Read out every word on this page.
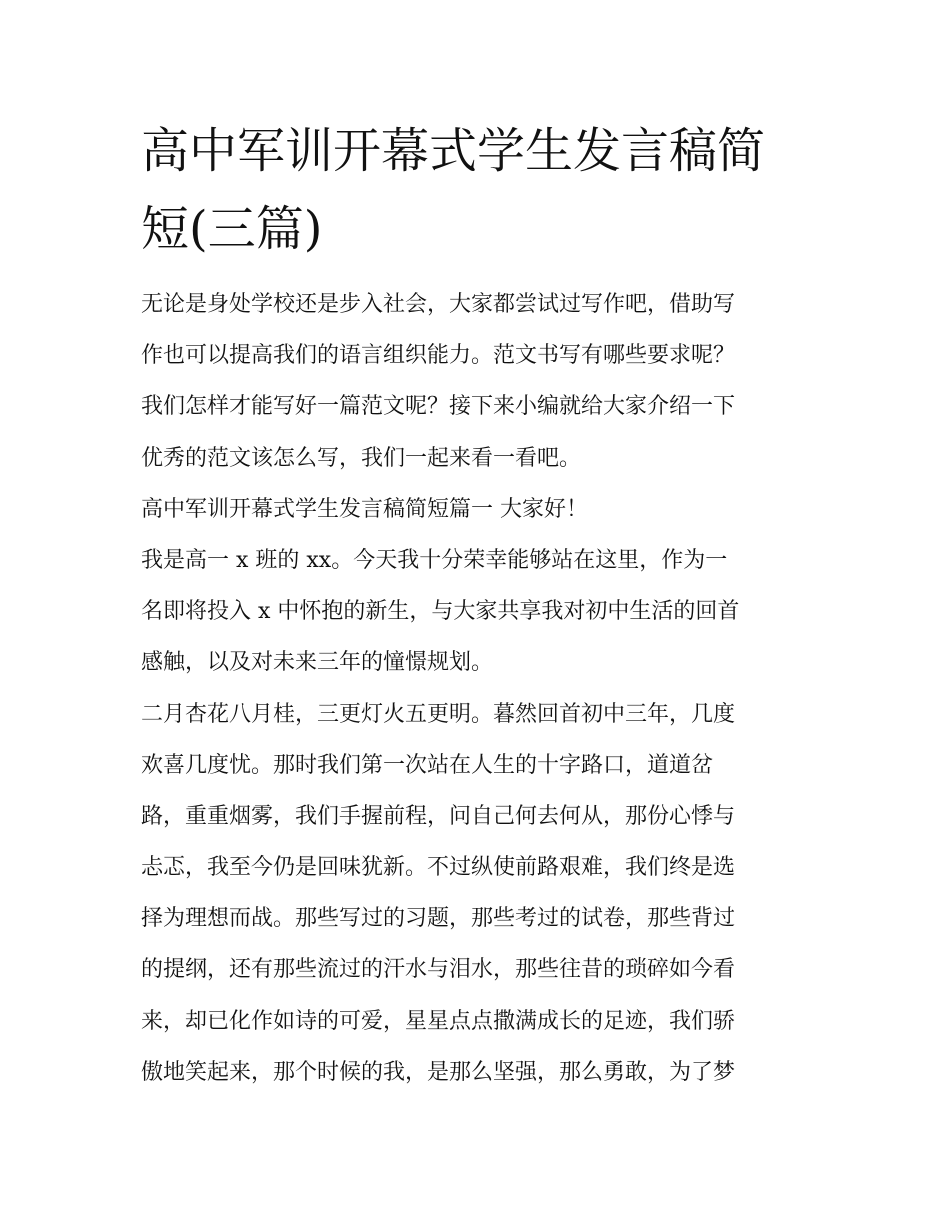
高中军训开幕式学生发言稿简
短(三篇)
无论是身处学校还是步入社会，大家都尝试过写作吧，借助写
作也可以提高我们的语言组织能力。范文书写有哪些要求呢？
我们怎样才能写好一篇范文呢？接下来小编就给大家介绍一下
优秀的范文该怎么写，我们一起来看一看吧。
高中军训开幕式学生发言稿简短篇一 大家好！
我是高一 x 班的 xx。今天我十分荣幸能够站在这里，作为一
名即将投入 x 中怀抱的新生，与大家共享我对初中生活的回首
感触，以及对未来三年的憧憬规划。
二月杏花八月桂，三更灯火五更明。暮然回首初中三年，几度
欢喜几度忧。那时我们第一次站在人生的十字路口，道道岔
路，重重烟雾，我们手握前程，问自己何去何从，那份心悸与
忐忑，我至今仍是回味犹新。不过纵使前路艰难，我们终是选
择为理想而战。那些写过的习题，那些考过的试卷，那些背过
的提纲，还有那些流过的汗水与泪水，那些往昔的琐碎如今看
来，却已化作如诗的可爱，星星点点撒满成长的足迹，我们骄
傲地笑起来，那个时候的我，是那么坚强，那么勇敢，为了梦
